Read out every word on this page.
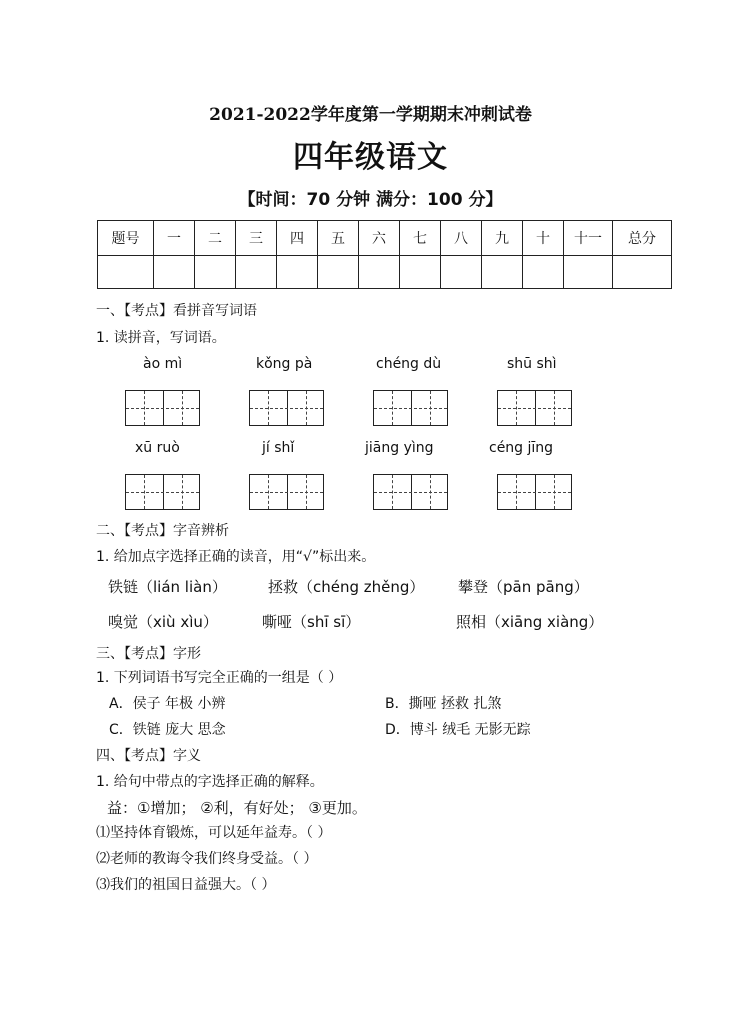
2021-2022学年度第一学期期末冲刺试卷
四年级语文
【时间：70 分钟 满分：100 分】
题号	一	二	三	四	五	六	七	八	九	十	十一	总分

一、【考点】看拼音写词语
1. 读拼音，写词语。
ào mì	kǒng pà	chéng dù	shū shì
xū ruò	jí shǐ	jiāng yìng	céng jīng
二、【考点】字音辨析
1. 给加点字选择正确的读音，用“√”标出来。
铁链（lián liàn）	拯救（chéng zhěng） 攀登（pān pāng）
嗅觉（xiù xìu）	嘶哑（shī sī）	照相（xiāng xiàng）
三、【考点】字形
1. 下列词语书写完全正确的一组是（ ）
A．侯子 年极 小辨	B．撕哑 拯救 扎煞
C．铁链 庞大 思念	D．博斗 绒毛 无影无踪
四、【考点】字义
1. 给句中带点的字选择正确的解释。
益：①增加； ②利，有好处； ③更加。
⑴坚持体育锻炼，可以延年益寿。（ ）
⑵老师的教诲令我们终身受益。（ ）
⑶我们的祖国日益强大。（ ）
